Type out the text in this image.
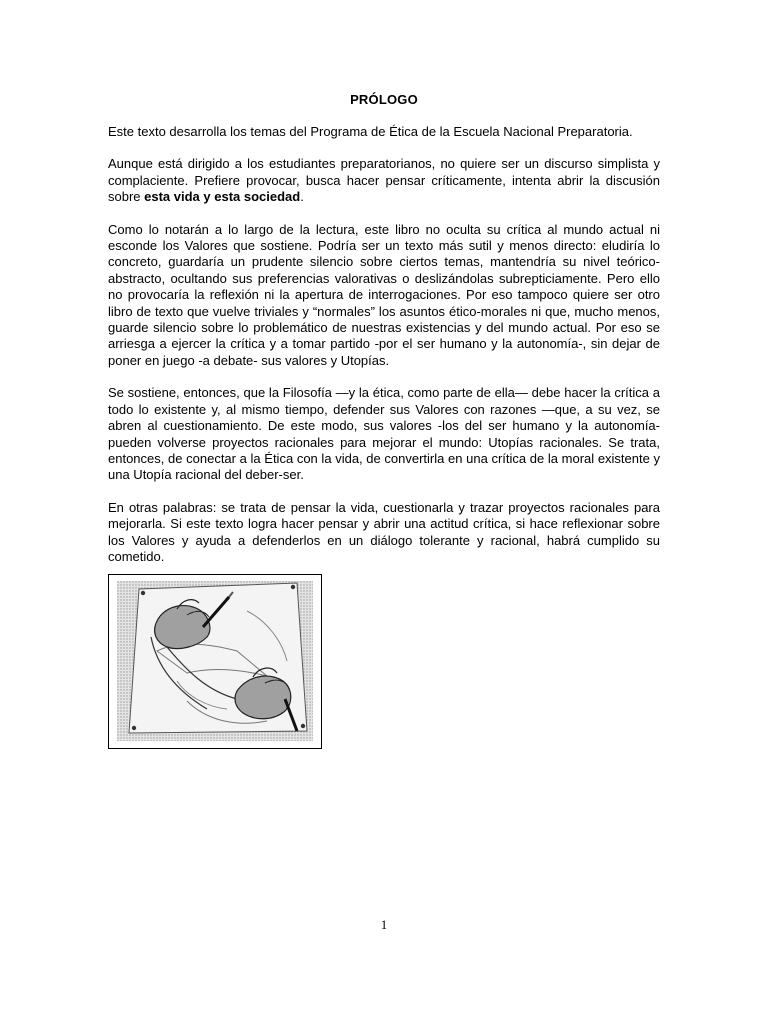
PRÓLOGO

Este texto desarrolla los temas del Programa de Ética de la Escuela Nacional Preparatoria.

Aunque está dirigido a los estudiantes preparatorianos, no quiere ser un discurso simplista y complaciente. Prefiere provocar, busca hacer pensar críticamente, intenta abrir la discusión sobre esta vida y esta sociedad.

Como lo notarán a lo largo de la lectura, este libro no oculta su crítica al mundo actual ni esconde los Valores que sostiene. Podría ser un texto más sutil y menos directo: eludiría lo concreto, guardaría un prudente silencio sobre ciertos temas, mantendría su nivel teórico-abstracto, ocultando sus preferencias valorativas o deslizándolas subrepticiamente. Pero ello no provocaría la reflexión ni la apertura de interrogaciones. Por eso tampoco quiere ser otro libro de texto que vuelve triviales y “normales” los asuntos ético-morales ni que, mucho menos, guarde silencio sobre lo problemático de nuestras existencias y del mundo actual. Por eso se arriesga a ejercer la crítica y a tomar partido -por el ser humano y la autonomía-, sin dejar de poner en juego -a debate- sus valores y Utopías.

Se sostiene, entonces, que la Filosofía —y la ética, como parte de ella— debe hacer la crítica a todo lo existente y, al mismo tiempo, defender sus Valores con razones —que, a su vez, se abren al cuestionamiento. De este modo, sus valores -los del ser humano y la autonomía- pueden volverse proyectos racionales para mejorar el mundo: Utopías racionales. Se trata, entonces, de conectar a la Ética con la vida, de convertirla en una crítica de la moral existente y una Utopía racional del deber-ser.

En otras palabras: se trata de pensar la vida, cuestionarla y trazar proyectos racionales para mejorarla. Si este texto logra hacer pensar y abrir una actitud crítica, si hace reflexionar sobre los Valores y ayuda a defenderlos en un diálogo tolerante y racional, habrá cumplido su cometido.

1
